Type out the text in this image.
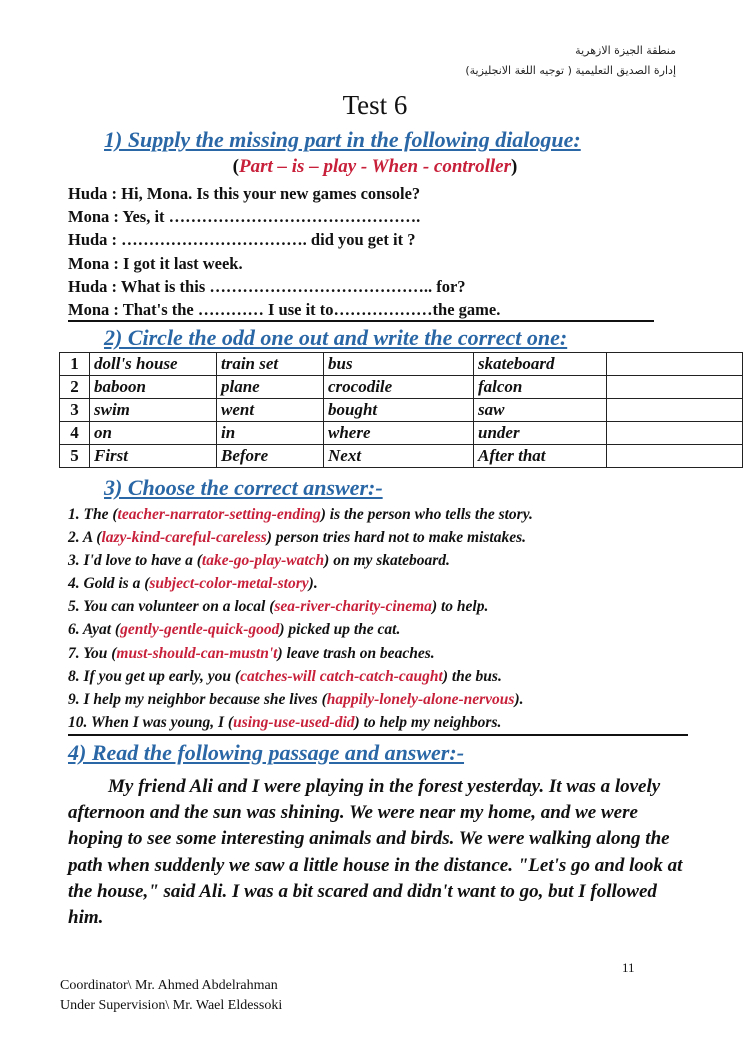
منطقة الجيزة الازهرية
إدارة الصديق التعليمية ( توجيه اللغة الانجليزية)
Test 6
1) Supply the missing part in the following dialogue:
(Part – is – play - When - controller)
Huda : Hi, Mona. Is this your new games console?
Mona : Yes, it ……………………………………….
Huda : ……………………………. did you get it ?
Mona : I got it last week.
Huda : What is this ………………………………….. for?
Mona : That's the ………… I use it to………………the game.
2) Circle the odd one out and write the correct one:
1	doll's house	train set	bus	skateboard	
2	baboon	plane	crocodile	falcon	
3	swim	went	bought	saw	
4	on	in	where	under	
5	First	Before	Next	After that	
3) Choose the correct answer:-
1. The (teacher-narrator-setting-ending) is the person who tells the story.
2. A (lazy-kind-careful-careless) person tries hard not to make mistakes.
3. I'd love to have a (take-go-play-watch) on my skateboard.
4. Gold is a (subject-color-metal-story).
5. You can volunteer on a local (sea-river-charity-cinema) to help.
6. Ayat (gently-gentle-quick-good) picked up the cat.
7. You (must-should-can-mustn't) leave trash on beaches.
8. If you get up early, you (catches-will catch-catch-caught) the bus.
9. I help my neighbor because she lives (happily-lonely-alone-nervous).
10. When I was young, I (using-use-used-did) to help my neighbors.
4) Read the following passage and answer:-
My friend Ali and I were playing in the forest yesterday. It was a lovely afternoon and the sun was shining. We were near my home, and we were hoping to see some interesting animals and birds. We were walking along the path when suddenly we saw a little house in the distance. "Let's go and look at the house," said Ali. I was a bit scared and didn't want to go, but I followed him.
11
Coordinator\ Mr. Ahmed Abdelrahman
Under Supervision\ Mr. Wael Eldessoki
